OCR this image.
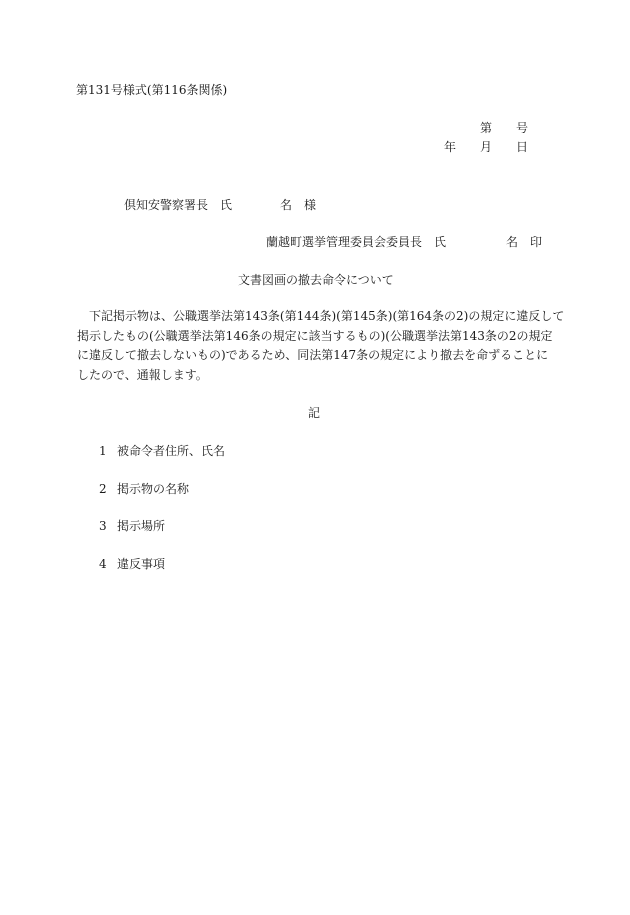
第131号様式(第116条関係)
第　　号
年　　月　　日
倶知安警察署長　氏　　　　名　様
蘭越町選挙管理委員会委員長　氏　　　　　名　印
文書図画の撤去命令について
　下記掲示物は、公職選挙法第143条(第144条)(第145条)(第164条の2)の規定に違反して
掲示したもの(公職選挙法第146条の規定に該当するもの)(公職選挙法第143条の2の規定
に違反して撤去しないもの)であるため、同法第147条の規定により撤去を命ずることに
したので、通報します。
記
1 被命令者住所、氏名
2 掲示物の名称
3 掲示場所
4 違反事項
